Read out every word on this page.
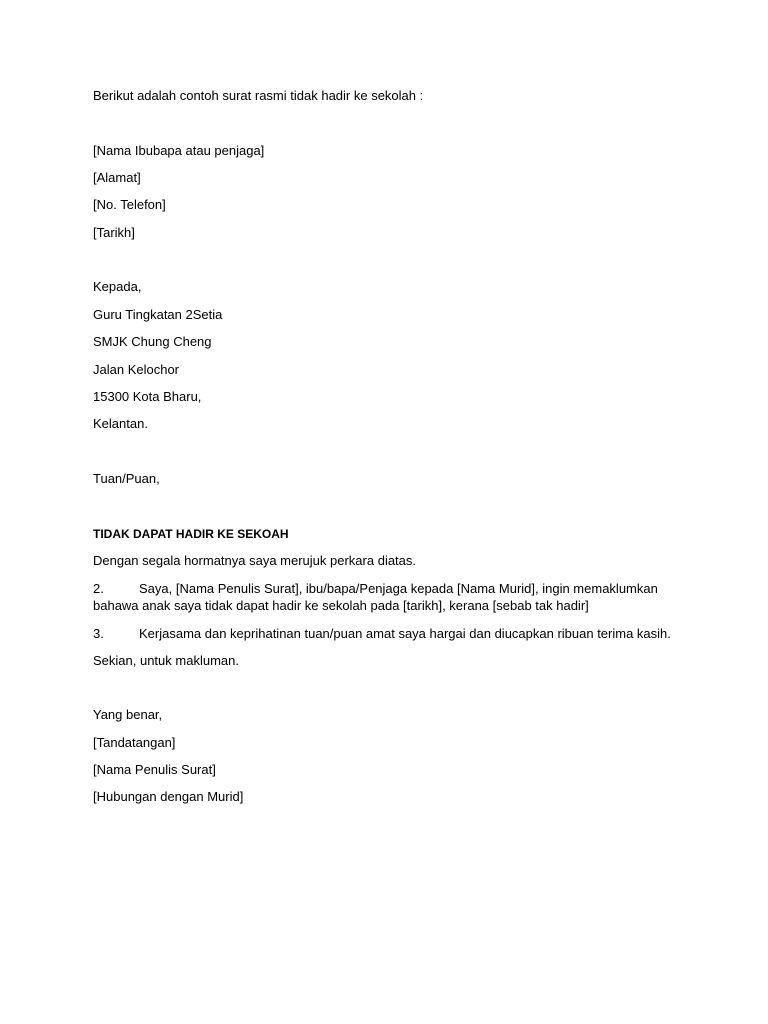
Berikut adalah contoh surat rasmi tidak hadir ke sekolah :
[Nama Ibubapa atau penjaga]
[Alamat]
[No. Telefon]
[Tarikh]
Kepada,
Guru Tingkatan 2Setia
SMJK Chung Cheng
Jalan Kelochor
15300 Kota Bharu,
Kelantan.
Tuan/Puan,
TIDAK DAPAT HADIR KE SEKOAH
Dengan segala hormatnya saya merujuk perkara diatas.
2.	Saya, [Nama Penulis Surat], ibu/bapa/Penjaga kepada [Nama Murid], ingin memaklumkan
bahawa anak saya tidak dapat hadir ke sekolah pada [tarikh], kerana [sebab tak hadir]
3.	Kerjasama dan keprihatinan tuan/puan amat saya hargai dan diucapkan ribuan terima kasih.
Sekian, untuk makluman.
Yang benar,
[Tandatangan]
[Nama Penulis Surat]
[Hubungan dengan Murid]
